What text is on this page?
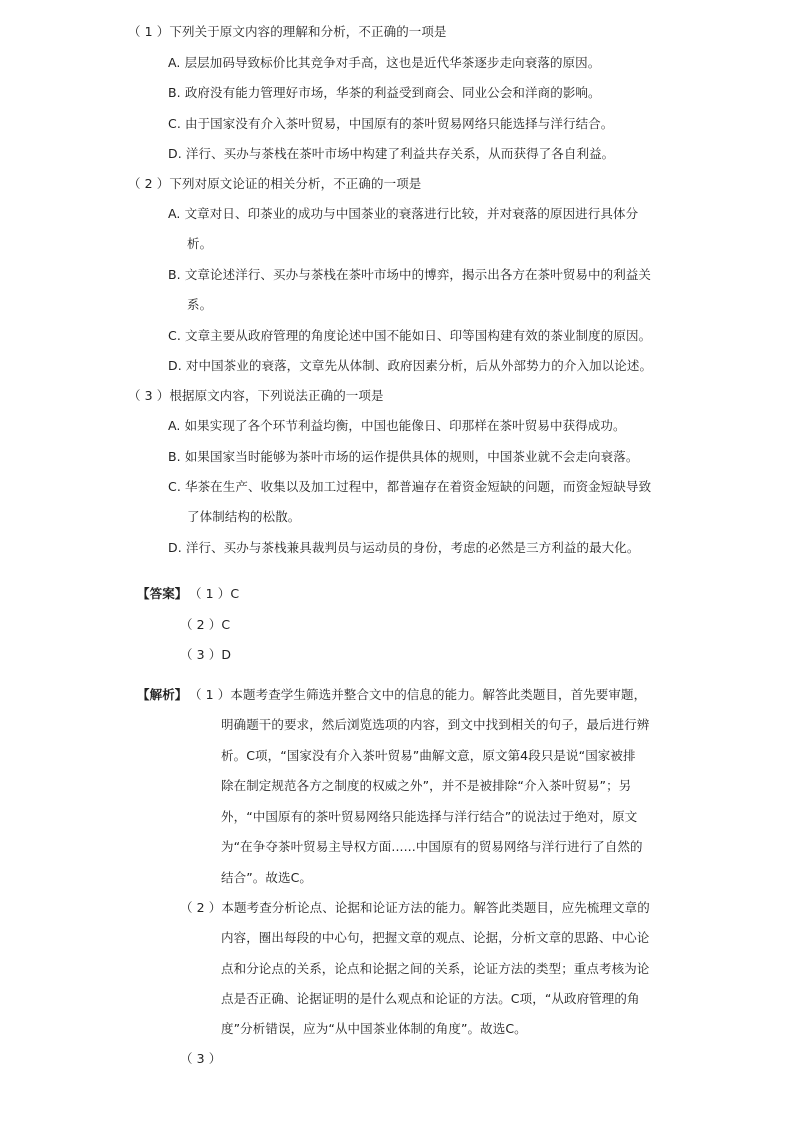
（ 1 ）下列关于原文内容的理解和分析，不正确的一项是
A. 层层加码导致标价比其竞争对手高，这也是近代华茶逐步走向衰落的原因。
B. 政府没有能力管理好市场，华茶的利益受到商会、同业公会和洋商的影响。
C. 由于国家没有介入茶叶贸易，中国原有的茶叶贸易网络只能选择与洋行结合。
D. 洋行、买办与茶栈在茶叶市场中构建了利益共存关系，从而获得了各自利益。
（ 2 ）下列对原文论证的相关分析，不正确的一项是
A. 文章对日、印茶业的成功与中国茶业的衰落进行比较，并对衰落的原因进行具体分
析。
B. 文章论述洋行、买办与茶栈在茶叶市场中的博弈，揭示出各方在茶叶贸易中的利益关
系。
C. 文章主要从政府管理的角度论述中国不能如日、印等国构建有效的茶业制度的原因。
D. 对中国茶业的衰落，文章先从体制、政府因素分析，后从外部势力的介入加以论述。
（ 3 ）根据原文内容，下列说法正确的一项是
A. 如果实现了各个环节利益均衡，中国也能像日、印那样在茶叶贸易中获得成功。
B. 如果国家当时能够为茶叶市场的运作提供具体的规则，中国茶业就不会走向衰落。
C. 华茶在生产、收集以及加工过程中，都普遍存在着资金短缺的问题，而资金短缺导致
了体制结构的松散。
D. 洋行、买办与茶栈兼具裁判员与运动员的身份，考虑的必然是三方利益的最大化。
【答案】 （ 1 ）C
（ 2 ）C
（ 3 ）D
【解析】 （ 1 ）本题考查学生筛选并整合文中的信息的能力。解答此类题目，首先要审题，
明确题干的要求，然后浏览选项的内容，到文中找到相关的句子，最后进行辨
析。C项，“国家没有介入茶叶贸易”曲解文意，原文第4段只是说“国家被排
除在制定规范各方之制度的权威之外”，并不是被排除“介入茶叶贸易”；另
外，“中国原有的茶叶贸易网络只能选择与洋行结合”的说法过于绝对，原文
为“在争夺茶叶贸易主导权方面......中国原有的贸易网络与洋行进行了自然的
结合”。故选C。
（ 2 ）本题考查分析论点、论据和论证方法的能力。解答此类题目，应先梳理文章的
内容，圈出每段的中心句，把握文章的观点、论据，分析文章的思路、中心论
点和分论点的关系，论点和论据之间的关系，论证方法的类型；重点考核为论
点是否正确、论据证明的是什么观点和论证的方法。C项，“从政府管理的角
度”分析错误，应为“从中国茶业体制的角度”。故选C。
（ 3 ）
